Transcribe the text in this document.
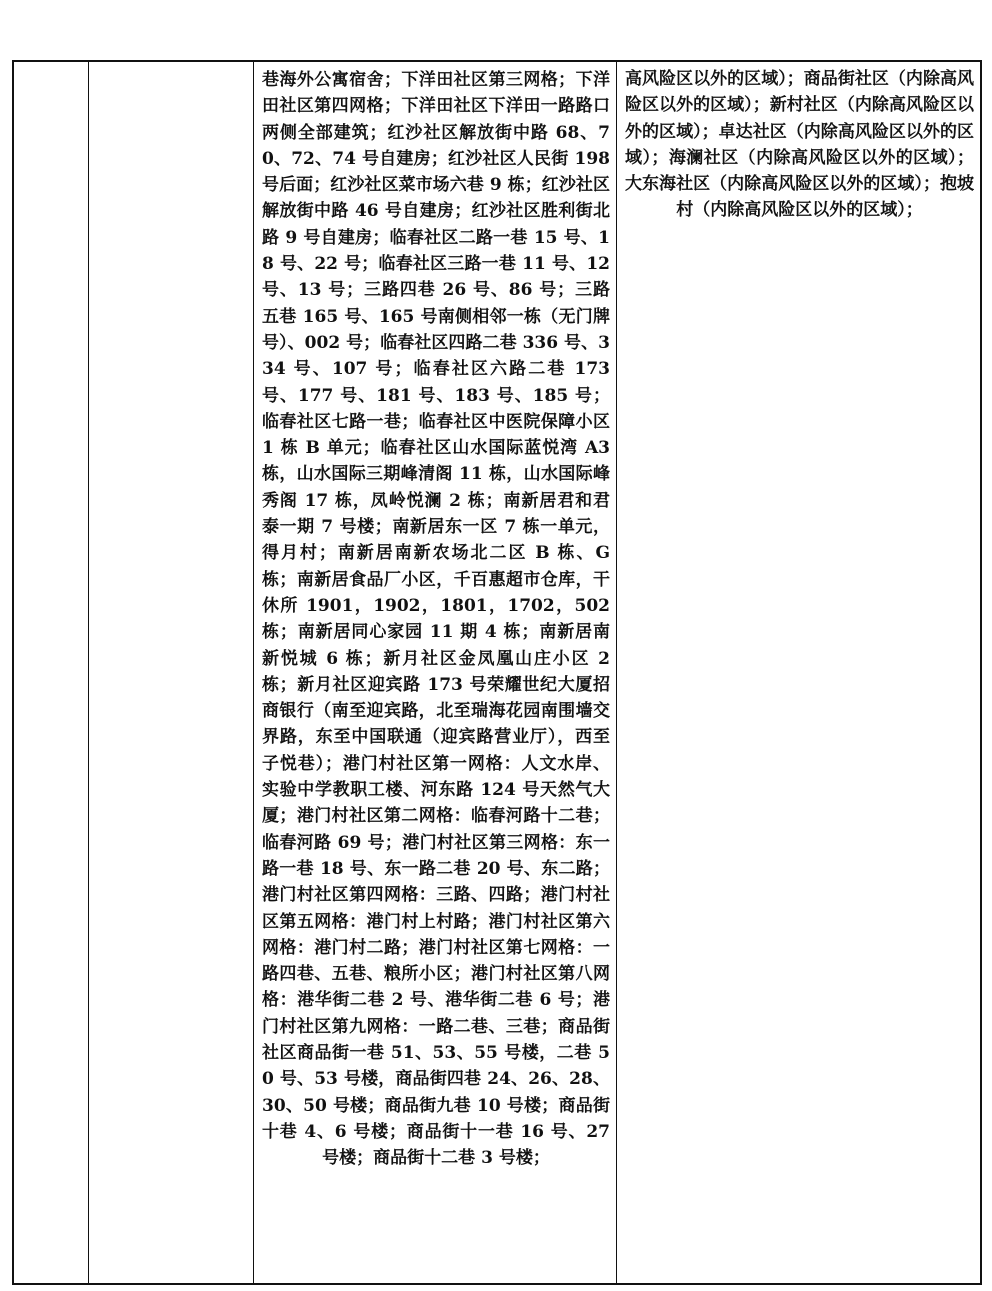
巷海外公寓宿舍；下洋田社区第三网格；下洋田社区第四网格；下洋田社区下洋田一路路口两侧全部建筑；红沙社区解放街中路 68、70、72、74 号自建房；红沙社区人民街 198 号后面；红沙社区菜市场六巷 9 栋；红沙社区解放街中路 46 号自建房；红沙社区胜利街北路 9 号自建房；临春社区二路一巷 15 号、18 号、22 号；临春社区三路一巷 11 号、12 号、13 号；三路四巷 26 号、86 号；三路五巷 165 号、165 号南侧相邻一栋（无门牌号）、002 号；临春社区四路二巷 336 号、334 号、107 号；临春社区六路二巷 173 号、177 号、181 号、183 号、185 号；临春社区七路一巷；临春社区中医院保障小区 1 栋 B 单元；临春社区山水国际蓝悦湾 A3 栋，山水国际三期峰清阁 11 栋，山水国际峰秀阁 17 栋，凤岭悦澜 2 栋；南新居君和君泰一期 7 号楼；南新居东一区 7 栋一单元，得月村；南新居南新农场北二区 B 栋、G 栋；南新居食品厂小区，千百惠超市仓库，干休所 1901，1902，1801，1702，502 栋；南新居同心家园 11 期 4 栋；南新居南新悦城 6 栋；新月社区金凤凰山庄小区 2 栋；新月社区迎宾路 173 号荣耀世纪大厦招商银行（南至迎宾路，北至瑞海花园南围墙交界路，东至中国联通（迎宾路营业厅），西至子悦巷）；港门村社区第一网格：人文水岸、实验中学教职工楼、河东路 124 号天然气大厦；港门村社区第二网格：临春河路十二巷；临春河路 69 号；港门村社区第三网格：东一路一巷 18 号、东一路二巷 20 号、东二路；港门村社区第四网格：三路、四路；港门村社区第五网格：港门村上村路；港门村社区第六网格：港门村二路；港门村社区第七网格：一路四巷、五巷、粮所小区；港门村社区第八网格：港华街二巷 2 号、港华街二巷 6 号；港门村社区第九网格：一路二巷、三巷；商品街社区商品街一巷 51、53、55 号楼，二巷 50 号、53 号楼，商品街四巷 24、26、28、30、50 号楼；商品街九巷 10 号楼；商品街十巷 4、6 号楼；商品街十一巷 16 号、27 号楼；商品街十二巷 3 号楼；
高风险区以外的区域）；商品街社区（内除高风险区以外的区域）；新村社区（内除高风险区以外的区域）；卓达社区（内除高风险区以外的区域）；海澜社区（内除高风险区以外的区域）；大东海社区（内除高风险区以外的区域）；抱坡村（内除高风险区以外的区域）；
